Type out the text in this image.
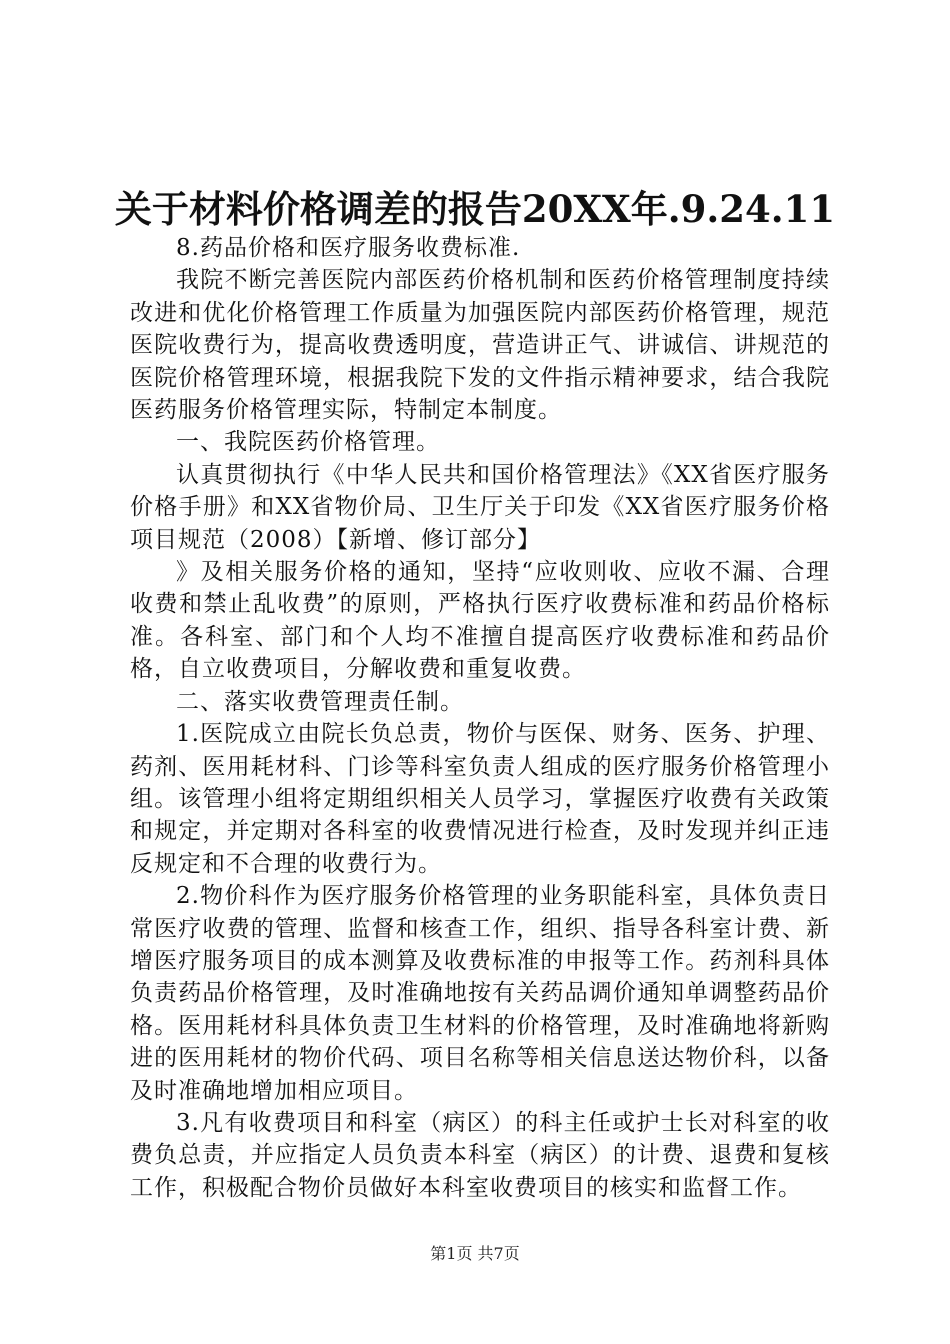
关于材料价格调差的报告20XX年.9.24.11

8.药品价格和医疗服务收费标准.

我院不断完善医院内部医药价格机制和医药价格管理制度持续改进和优化价格管理工作质量为加强医院内部医药价格管理，规范医院收费行为，提高收费透明度，营造讲正气、讲诚信、讲规范的医院价格管理环境，根据我院下发的文件指示精神要求，结合我院医药服务价格管理实际，特制定本制度。

一、我院医药价格管理。

认真贯彻执行《中华人民共和国价格管理法》《XX省医疗服务价格手册》和XX省物价局、卫生厅关于印发《XX省医疗服务价格项目规范（2008）【新增、修订部分】

》及相关服务价格的通知，坚持“应收则收、应收不漏、合理收费和禁止乱收费”的原则，严格执行医疗收费标准和药品价格标准。各科室、部门和个人均不准擅自提高医疗收费标准和药品价格，自立收费项目，分解收费和重复收费。

二、落实收费管理责任制。

1.医院成立由院长负总责，物价与医保、财务、医务、护理、药剂、医用耗材科、门诊等科室负责人组成的医疗服务价格管理小组。该管理小组将定期组织相关人员学习，掌握医疗收费有关政策和规定，并定期对各科室的收费情况进行检查，及时发现并纠正违反规定和不合理的收费行为。

2.物价科作为医疗服务价格管理的业务职能科室，具体负责日常医疗收费的管理、监督和核查工作，组织、指导各科室计费、新增医疗服务项目的成本测算及收费标准的申报等工作。药剂科具体负责药品价格管理，及时准确地按有关药品调价通知单调整药品价格。医用耗材科具体负责卫生材料的价格管理，及时准确地将新购进的医用耗材的物价代码、项目名称等相关信息送达物价科，以备及时准确地增加相应项目。

3.凡有收费项目和科室（病区）的科主任或护士长对科室的收费负总责，并应指定人员负责本科室（病区）的计费、退费和复核工作，积极配合物价员做好本科室收费项目的核实和监督工作。

第1页 共7页
